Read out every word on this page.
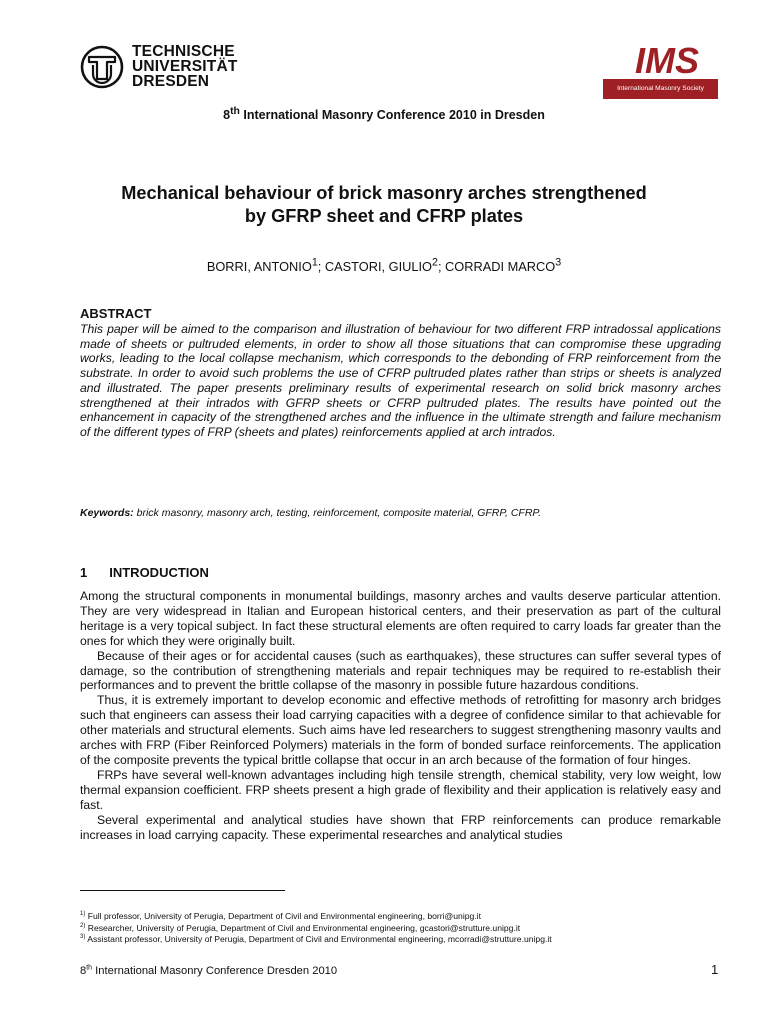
TECHNISCHE
UNIVERSITÄT
DRESDEN
IMS
International Masonry Society
8th International Masonry Conference 2010 in Dresden
Mechanical behaviour of brick masonry arches strengthened
by GFRP sheet and CFRP plates
BORRI, ANTONIO$^1$; CASTORI, GIULIO$^2$; CORRADI MARCO$^3$
ABSTRACT

This paper will be aimed to the comparison and illustration of behaviour for two different FRP intradossal applications made of sheets or pultruded elements, in order to show all those situations that can compromise these upgrading works, leading to the local collapse mechanism, which corresponds to the debonding of FRP reinforcement from the substrate. In order to avoid such problems the use of CFRP pultruded plates rather than strips or sheets is analyzed and illustrated. The paper presents preliminary results of experimental research on solid brick masonry arches strengthened at their intrados with GFRP sheets or CFRP pultruded plates. The results have pointed out the enhancement in capacity of the strengthened arches and the influence in the ultimate strength and failure mechanism of the different types of FRP (sheets and plates) reinforcements applied at arch intrados.

Keywords: brick masonry, masonry arch, testing, reinforcement, composite material, GFRP, CFRP.

1 INTRODUCTION

Among the structural components in monumental buildings, masonry arches and vaults deserve particular attention. They are very widespread in Italian and European historical centers, and their preservation as part of the cultural heritage is a very topical subject. In fact these structural elements are often required to carry loads far greater than the ones for which they were originally built.

Because of their ages or for accidental causes (such as earthquakes), these structures can suffer several types of damage, so the contribution of strengthening materials and repair techniques may be required to re-establish their performances and to prevent the brittle collapse of the masonry in possible future hazardous conditions.

Thus, it is extremely important to develop economic and effective methods of retrofitting for masonry arch bridges such that engineers can assess their load carrying capacities with a degree of confidence similar to that achievable for other materials and structural elements. Such aims have led researchers to suggest strengthening masonry vaults and arches with FRP (Fiber Reinforced Polymers) materials in the form of bonded surface reinforcements. The application of the composite prevents the typical brittle collapse that occur in an arch because of the formation of four hinges.

FRPs have several well-known advantages including high tensile strength, chemical stability, very low weight, low thermal expansion coefficient. FRP sheets present a high grade of flexibility and their application is relatively easy and fast.

Several experimental and analytical studies have shown that FRP reinforcements can produce remarkable increases in load carrying capacity. These experimental researches and analytical studies

$^{1)}$ Full professor, University of Perugia, Department of Civil and Environmental engineering, borri@unipg.it
$^{2)}$ Researcher, University of Perugia, Department of Civil and Environmental engineering, gcastori@strutture.unipg.it
$^{3)}$ Assistant professor, University of Perugia, Department of Civil and Environmental engineering, mcorradi@strutture.unipg.it
8th International Masonry Conference Dresden 2010	1
